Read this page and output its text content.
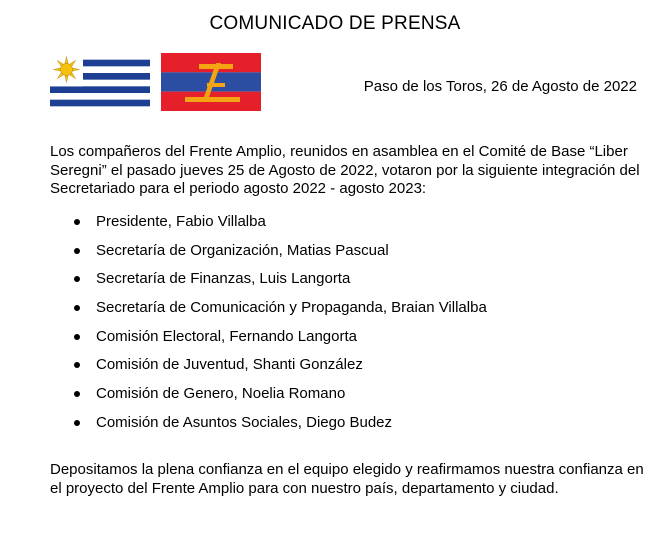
COMUNICADO DE PRENSA
Paso de los Toros, 26 de Agosto de 2022

Los compañeros del Frente Amplio, reunidos en asamblea en el Comité de Base “Liber Seregni” el pasado jueves 25 de Agosto de 2022, votaron por la siguiente integración del Secretariado para el periodo agosto 2022 - agosto 2023:

Presidente, Fabio Villalba
Secretaría de Organización, Matias Pascual
Secretaría de Finanzas, Luis Langorta
Secretaría de Comunicación y Propaganda, Braian Villalba
Comisión Electoral, Fernando Langorta
Comisión de Juventud, Shanti González
Comisión de Genero, Noelia Romano
Comisión de Asuntos Sociales, Diego Budez

Depositamos la plena confianza en el equipo elegido y reafirmamos nuestra confianza en el proyecto del Frente Amplio para con nuestro país, departamento y ciudad.
